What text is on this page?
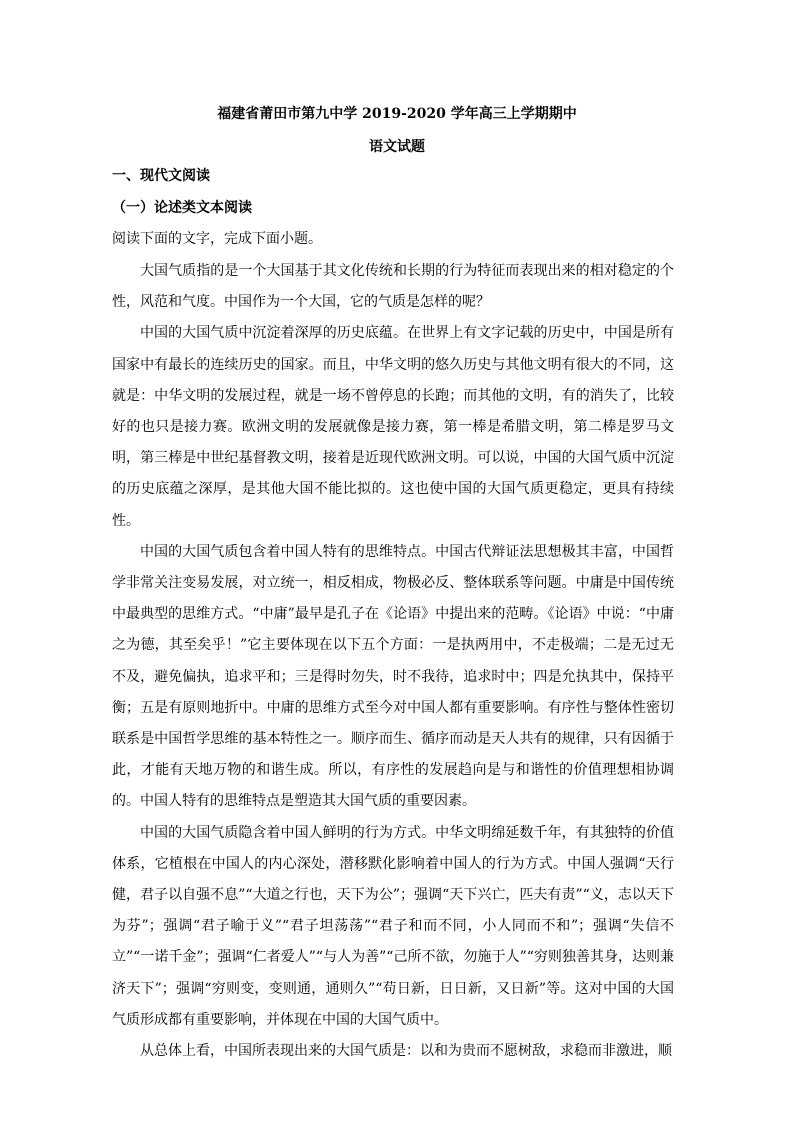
福建省莆田市第九中学 2019-2020 学年高三上学期期中
语文试题
一、现代文阅读
（一）论述类文本阅读
阅读下面的文字，完成下面小题。

大国气质指的是一个大国基于其文化传统和长期的行为特征而表现出来的相对稳定的个性，风范和气度。中国作为一个大国，它的气质是怎样的呢？

中国的大国气质中沉淀着深厚的历史底蕴。在世界上有文字记载的历史中，中国是所有国家中有最长的连续历史的国家。而且，中华文明的悠久历史与其他文明有很大的不同，这就是：中华文明的发展过程，就是一场不曾停息的长跑；而其他的文明，有的消失了，比较好的也只是接力赛。欧洲文明的发展就像是接力赛，第一棒是希腊文明，第二棒是罗马文明，第三棒是中世纪基督教文明，接着是近现代欧洲文明。可以说，中国的大国气质中沉淀的历史底蕴之深厚，是其他大国不能比拟的。这也使中国的大国气质更稳定，更具有持续性。

中国的大国气质包含着中国人特有的思维特点。中国古代辩证法思想极其丰富，中国哲学非常关注变易发展，对立统一，相反相成，物极必反、整体联系等问题。中庸是中国传统中最典型的思维方式。“中庸”最早是孔子在《论语》中提出来的范畴。《论语》中说：“中庸之为德，其至矣乎！”它主要体现在以下五个方面：一是执两用中，不走极端；二是无过无不及，避免偏执，追求平和；三是得时勿失，时不我待，追求时中；四是允执其中，保持平衡；五是有原则地折中。中庸的思维方式至今对中国人都有重要影响。有序性与整体性密切联系是中国哲学思维的基本特性之一。顺序而生、循序而动是天人共有的规律，只有因循于此，才能有天地万物的和谐生成。所以，有序性的发展趋向是与和谐性的价值理想相协调的。中国人特有的思维特点是塑造其大国气质的重要因素。

中国的大国气质隐含着中国人鲜明的行为方式。中华文明绵延数千年，有其独特的价值体系，它植根在中国人的内心深处，潜移默化影响着中国人的行为方式。中国人强调“天行健，君子以自强不息”“大道之行也，天下为公”；强调“天下兴亡，匹夫有责”“义，志以天下为芬”；强调“君子喻于义”“君子坦荡荡”“君子和而不同，小人同而不和”；强调“失信不立”“一诺千金”；强调“仁者爱人”“与人为善”“己所不欲，勿施于人”“穷则独善其身，达则兼济天下”；强调“穷则变，变则通，通则久”“苟日新，日日新，又日新”等。这对中国的大国气质形成都有重要影响，并体现在中国的大国气质中。

从总体上看，中国所表现出来的大国气质是：以和为贵而不愿树敌，求稳而非激进，顺
